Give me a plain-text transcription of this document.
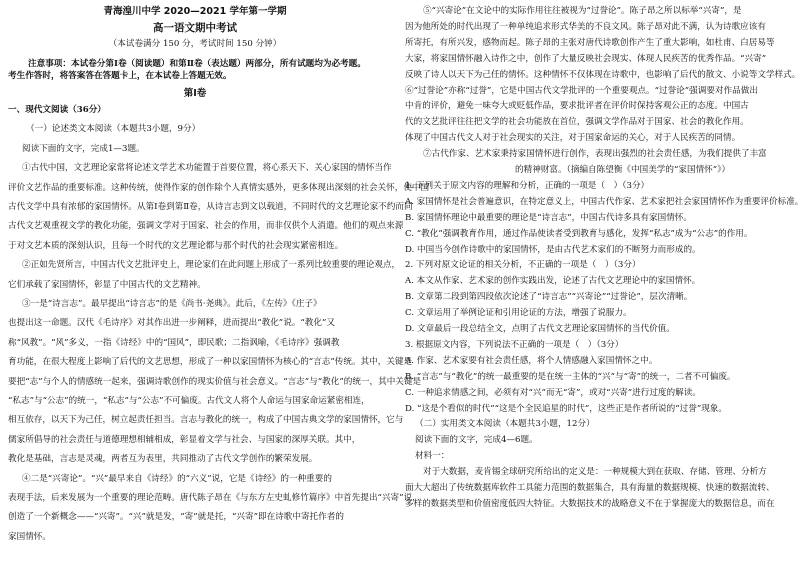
青海湟川中学 2020—2021 学年第一学期
高一语文期中考试
（本试卷满分 150 分，考试时间 150 分钟）
注意事项：本试卷分第Ⅰ卷（阅读题）和第Ⅱ卷（表达题）两部分，所有试题均为必考题。
考生作答时，将答案答在答题卡上，在本试卷上答题无效。
第Ⅰ卷
一、现代文阅读（36分）
（一）论述类文本阅读（本题共3小题，9分）
阅读下面的文字，完成1—3题。
①古代中国，文艺理论家常将论述文学艺术功能置于首要位置，将心系天下、关心家国的情怀当作
评价文艺作品的重要标准。这种传统，使得作家的创作除个人真情实感外，更多体现出深刻的社会关怀，使中国
古代文学中具有浓郁的家国情怀。从第Ⅰ卷到第Ⅱ卷，从诗言志到文以载道，不同时代的文艺理论家不约而同
古代文艺观重视文学的教化功能，强调文学对于国家、社会的作用，而非仅供个人消遣。他们的观点来源
于对文艺本质的深刻认识，且每一个时代的文艺理论都与那个时代的社会现实紧密相连。
②正如先贤所言，中国古代文艺批评史上，理论家们在此问题上形成了一系列比较重要的理论观点，
它们承载了家国情怀，彰显了中国古代的文艺精神。
③一是“诗言志”。最早提出“诗言志”的是《尚书·尧典》。此后，《左传》《庄子》
也提出这一命题。汉代《毛诗序》对其作出进一步阐释，进而提出“教化”说。“教化”又
称“风教”。“风”多义，一指《诗经》中的“国风”，即民歌；二指讽喻，《毛诗序》强调教
育功能，在很大程度上影响了后代的文艺思想，形成了一种以家国情怀为核心的“言志”传统。其中，关键是
要把“志”与个人的情感统一起来，强调诗歌创作的现实价值与社会意义。“言志”与“教化”的统一，其中关键是
“私志”与“公志”的统一，“私志”与“公志”不可偏废。古代文人将个人命运与国家命运紧密相连，
相互依存，以天下为己任，树立起责任担当。言志与教化的统一，构成了中国古典文学的家国情怀，它与
儒家所倡导的社会责任与道德理想相辅相成，彰显着文学与社会、与国家的深厚关联。其中，
教化是基础，言志是灵魂，两者互为表里，共同推动了古代文学创作的繁荣发展。
④二是“兴寄论”。“兴”最早来自《诗经》的“六义”说，它是《诗经》的一种重要的
表现手法，后来发展为一个重要的理论范畴。唐代陈子昂在《与东方左史虬修竹篇序》中首先提出“兴寄”说，
创造了一个新概念——“兴寄”。“兴”就是发，“寄”就是托，“兴寄”即在诗歌中寄托作者的
家国情怀。
⑤“兴寄论”在文论中的实际作用往往被视为“过誉论”。陈子昂之所以标举“兴寄”，是
因为他所处的时代出现了一种单纯追求形式华美的不良文风。陈子昂对此不满，认为诗歌应该有
所寄托，有所兴发，感物而起。陈子昂的主张对唐代诗歌创作产生了重大影响，如杜甫、白居易等
大家，将家国情怀融入诗作之中，创作了大量反映社会现实、体现人民疾苦的优秀作品。“兴寄”
反映了诗人以天下为己任的情怀。这种情怀不仅体现在诗歌中，也影响了后代的散文、小说等文学样式。
⑥“过誉论”亦称“过誉”，它是中国古代文学批评的一个重要观点。“过誉论”强调要对作品做出
中肯的评价，避免一味夸大或贬低作品，要求批评者在评价时保持客观公正的态度。中国古
代的文艺批评往往把文学的社会功能放在首位，强调文学作品对于国家、社会的教化作用。
体现了中国古代文人对于社会现实的关注，对于国家命运的关心，对于人民疾苦的同情。
⑦古代作家、艺术家秉持家国情怀进行创作，表现出强烈的社会责任感，为我们提供了丰富
的精神财富。（摘编自陈望衡《中国美学的“家国情怀”》）
1. 下列关于原文内容的理解和分析，正确的一项是（　）（3分）
A. 家国情怀是社会普遍意识，在特定意义上，中国古代作家、艺术家把社会家国情怀作为重要评价标准。
B. 家国情怀理论中最重要的理论是“诗言志”，中国古代诗多具有家国情怀。
C. “教化”强调教育作用，通过作品使读者受到教育与感化，发挥“私志”成为“公志”的作用。
D. 中国当今创作诗歌中的家国情怀，是由古代艺术家们的不断努力而形成的。
2. 下列对原文论证的相关分析，不正确的一项是（　）（3分）
A. 本文从作家、艺术家的创作实践出发，论述了古代文艺理论中的家国情怀。
B. 文章第二段到第四段依次论述了“诗言志”“兴寄论”“过誉论”，层次清晰。
C. 文章运用了举例论证和引用论证的方法，增强了说服力。
D. 文章最后一段总结全文，点明了古代文艺理论家国情怀的当代价值。
3. 根据原文内容，下列说法不正确的一项是（　）（3分）
A. 作家、艺术家要有社会责任感，将个人情感融入家国情怀之中。
B. “言志”与“教化”的统一最重要的是在统一主体的“兴”与“寄”的统一，二者不可偏废。
C. 一种追求情感之间，必须有对“兴”而无“寄”，或对“兴寄”进行过度的解读。
D. “这是个看似的时代”“这是个全民追星的时代”，这些正是作者所说的“过誉”现象。
（二）实用类文本阅读（本题共3小题，12分）
阅读下面的文字，完成4—6题。
材料一：
对于大数据，麦肯锡全球研究所给出的定义是：一种规模大到在获取、存储、管理、分析方
面大大超出了传统数据库软件工具能力范围的数据集合，具有海量的数据规模、快速的数据流转、
多样的数据类型和价值密度低四大特征。大数据技术的战略意义不在于掌握庞大的数据信息，而在
